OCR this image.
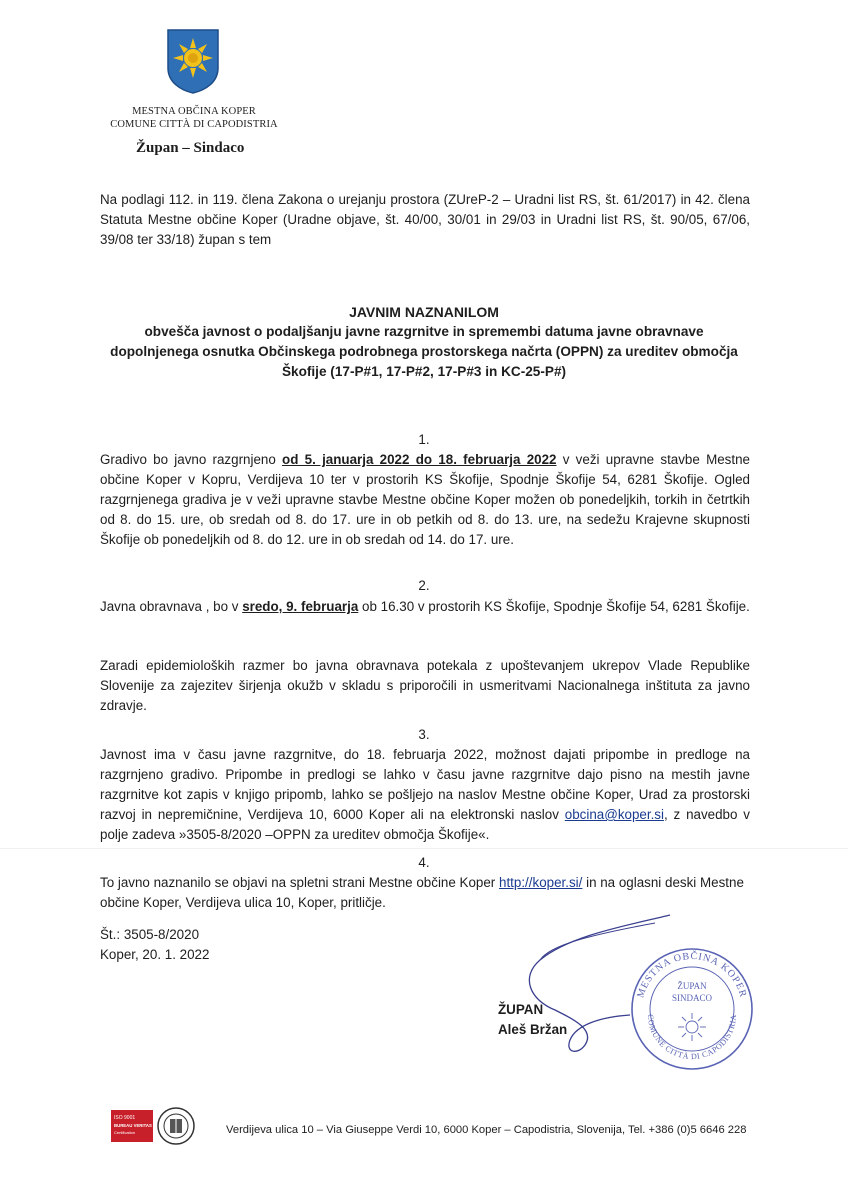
MESTNA OBČINA KOPER
COMUNE CITTÀ DI CAPODISTRIA
Župan – Sindaco
Na podlagi 112. in 119. člena Zakona o urejanju prostora (ZUreP-2 – Uradni list RS, št. 61/2017) in 42. člena Statuta Mestne občine Koper (Uradne objave, št. 40/00, 30/01 in 29/03 in Uradni list RS, št. 90/05, 67/06, 39/08 ter 33/18) župan s tem
JAVNIM NAZNANILOM
obvešča javnost o podaljšanju javne razgrnitve in spremembi datuma javne obravnave dopolnjenega osnutka Občinskega podrobnega prostorskega načrta (OPPN) za ureditev območja Škofije (17-P#1, 17-P#2, 17-P#3 in KC-25-P#)
1.
Gradivo bo javno razgrnjeno od 5. januarja 2022 do 18. februarja 2022 v veži upravne stavbe Mestne občine Koper v Kopru, Verdijeva 10 ter v prostorih KS Škofije, Spodnje Škofije 54, 6281 Škofije. Ogled razgrnjenega gradiva je v veži upravne stavbe Mestne občine Koper možen ob ponedeljkih, torkih in četrtkih od 8. do 15. ure, ob sredah od 8. do 17. ure in ob petkih od 8. do 13. ure, na sedežu Krajevne skupnosti Škofije ob ponedeljkih od 8. do 12. ure in ob sredah od 14. do 17. ure.
2.
Javna obravnava , bo v sredo, 9. februarja ob 16.30 v prostorih KS Škofije, Spodnje Škofije 54, 6281 Škofije.
Zaradi epidemioloških razmer bo javna obravnava potekala z upoštevanjem ukrepov Vlade Republike Slovenije za zajezitev širjenja okužb v skladu s priporočili in usmeritvami Nacionalnega inštituta za javno zdravje.
3.
Javnost ima v času javne razgrnitve, do 18. februarja 2022, možnost dajati pripombe in predloge na razgrnjeno gradivo. Pripombe in predlogi se lahko v času javne razgrnitve dajo pisno na mestih javne razgrnitve kot zapis v knjigo pripomb, lahko se pošljejo na naslov Mestne občine Koper, Urad za prostorski razvoj in nepremičnine, Verdijeva 10, 6000 Koper ali na elektronski naslov obcina@koper.si, z navedbo v polje zadeva »3505-8/2020 –OPPN za ureditev območja Škofije«.
4.
To javno naznanilo se objavi na spletni strani Mestne občine Koper http://koper.si/ in na oglasni deski Mestne občine Koper, Verdijeva ulica 10, Koper, pritličje.
Št.: 3505-8/2020
Koper, 20. 1. 2022
ŽUPAN
Aleš Bržan
MESTNA OBČINA KOPER
COMUNE CITTÀ DI CAPODISTRIA
ŽUPAN
SINDACO
ISO 9001
BUREAU VERITAS
Certification	Verdijeva ulica 10 – Via Giuseppe Verdi 10, 6000 Koper – Capodistria, Slovenija, Tel. +386 (0)5 6646 228
